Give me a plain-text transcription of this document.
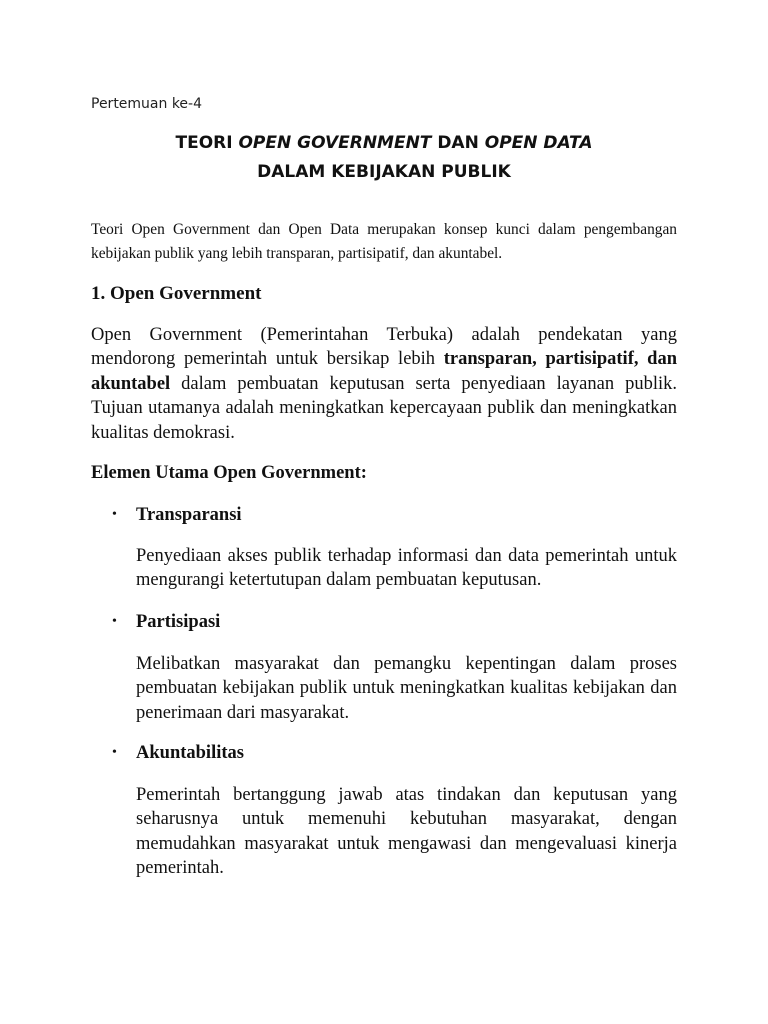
Pertemuan ke-4
TEORI OPEN GOVERNMENT DAN OPEN DATA
DALAM KEBIJAKAN PUBLIK
Teori Open Government dan Open Data merupakan konsep kunci dalam pengembangan kebijakan publik yang lebih transparan, partisipatif, dan akuntabel.
1. Open Government
Open Government (Pemerintahan Terbuka) adalah pendekatan yang mendorong pemerintah untuk bersikap lebih transparan, partisipatif, dan akuntabel dalam pembuatan keputusan serta penyediaan layanan publik. Tujuan utamanya adalah meningkatkan kepercayaan publik dan meningkatkan kualitas demokrasi.
Elemen Utama Open Government:
• Transparansi
Penyediaan akses publik terhadap informasi dan data pemerintah untuk mengurangi ketertutupan dalam pembuatan keputusan.
• Partisipasi
Melibatkan masyarakat dan pemangku kepentingan dalam proses pembuatan kebijakan publik untuk meningkatkan kualitas kebijakan dan penerimaan dari masyarakat.
• Akuntabilitas
Pemerintah bertanggung jawab atas tindakan dan keputusan yang seharusnya untuk memenuhi kebutuhan masyarakat, dengan memudahkan masyarakat untuk mengawasi dan mengevaluasi kinerja pemerintah.
